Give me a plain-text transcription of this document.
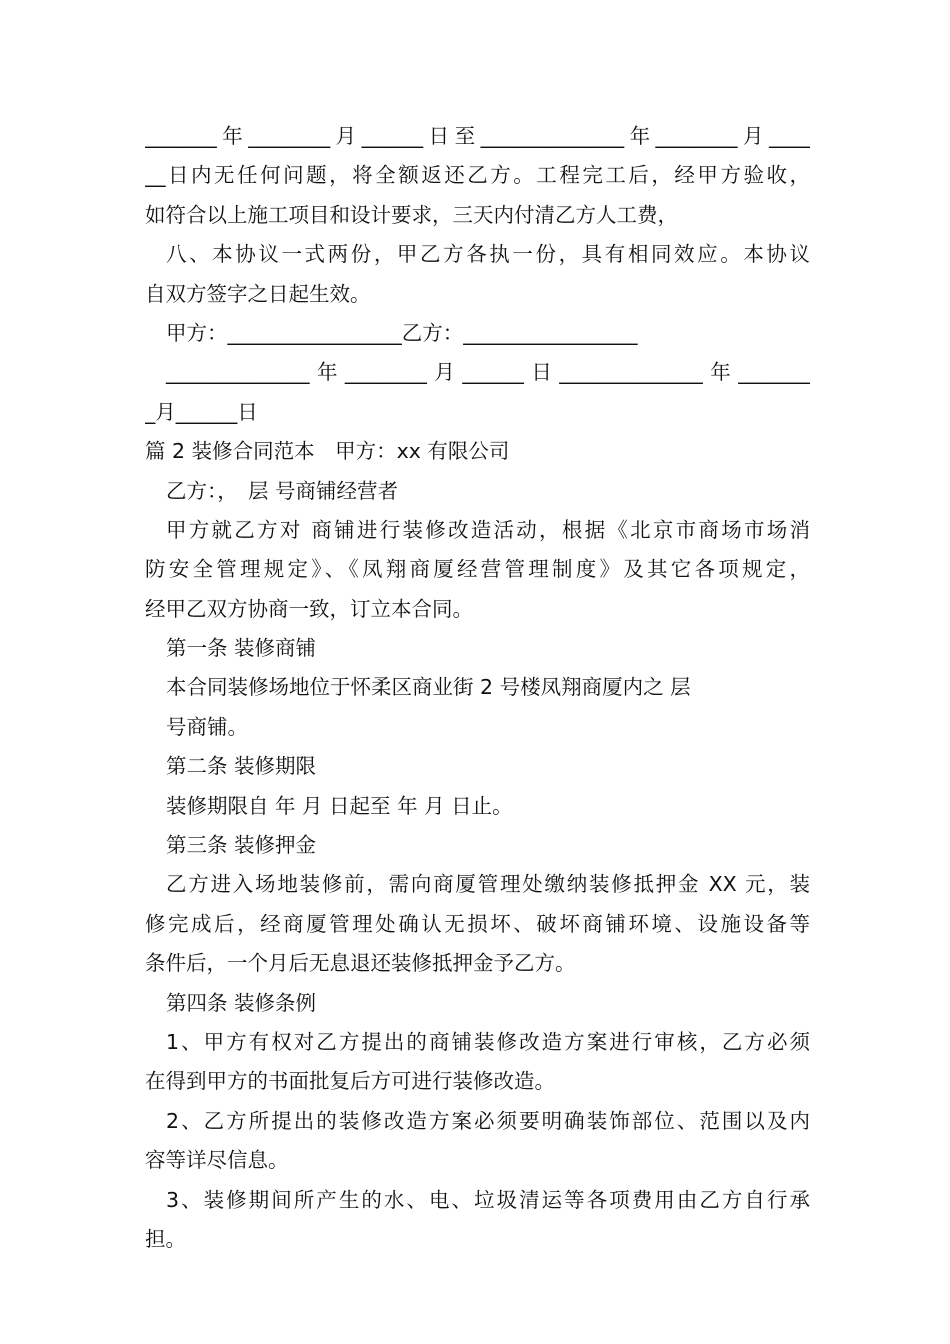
_______年________月______日至______________年________月____
__日内无任何问题，将全额返还乙方。工程完工后，经甲方验收，
如符合以上施工项目和设计要求，三天内付清乙方人工费，
八、本协议一式两份，甲乙方各执一份，具有相同效应。本协议
自双方签字之日起生效。
甲方：_________________乙方：_________________
______________年________月______日______________年_______
_月______日
篇 2 装修合同范本　甲方：xx 有限公司
乙方：，　层 号商铺经营者
甲方就乙方对 商铺进行装修改造活动，根据《北京市商场市场消
防安全管理规定》、《凤翔商厦经营管理制度》及其它各项规定，
经甲乙双方协商一致，订立本合同。
第一条 装修商铺
本合同装修场地位于怀柔区商业街 2 号楼凤翔商厦内之 层
号商铺。
第二条 装修期限
装修期限自 年 月 日起至 年 月 日止。
第三条 装修押金
乙方进入场地装修前，需向商厦管理处缴纳装修抵押金 XX 元，装
修完成后，经商厦管理处确认无损坏、破坏商铺环境、设施设备等
条件后，一个月后无息退还装修抵押金予乙方。
第四条 装修条例
1、甲方有权对乙方提出的商铺装修改造方案进行审核，乙方必须
在得到甲方的书面批复后方可进行装修改造。
2、乙方所提出的装修改造方案必须要明确装饰部位、范围以及内
容等详尽信息。
3、装修期间所产生的水、电、垃圾清运等各项费用由乙方自行承
担。
